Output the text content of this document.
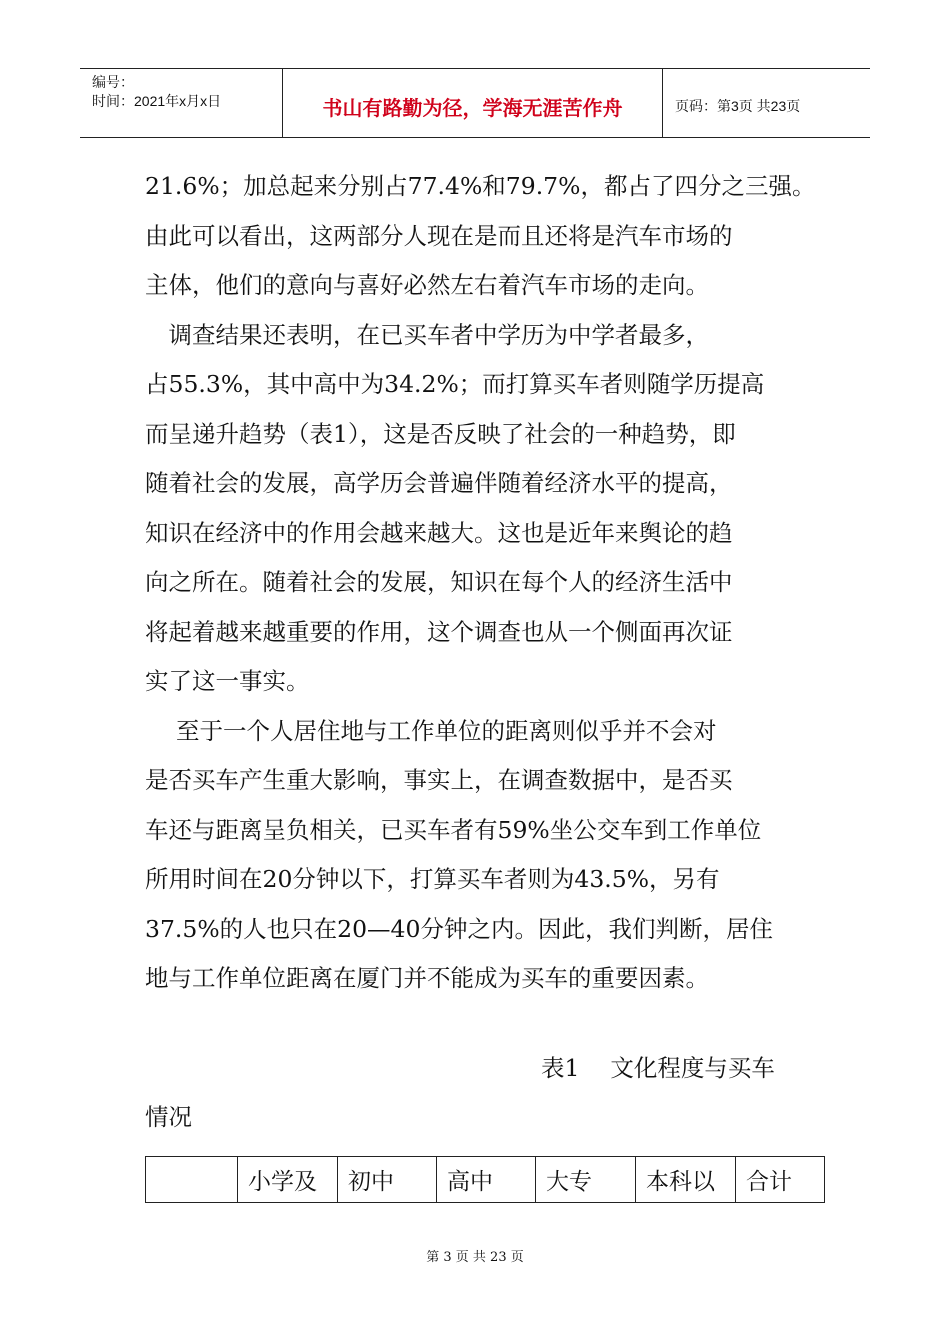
编号：
时间：2021年x月x日	书山有路勤为径，学海无涯苦作舟	页码：第3页 共23页
21.6%；加总起来分别占77.4%和79.7%，都占了四分之三强。
由此可以看出，这两部分人现在是而且还将是汽车市场的
主体，他们的意向与喜好必然左右着汽车市场的走向。
　调查结果还表明，在已买车者中学历为中学者最多，
占55.3%，其中高中为34.2%；而打算买车者则随学历提高
而呈递升趋势（表1），这是否反映了社会的一种趋势，即
随着社会的发展，高学历会普遍伴随着经济水平的提高，
知识在经济中的作用会越来越大。这也是近年来舆论的趋
向之所在。随着社会的发展，知识在每个人的经济生活中
将起着越来越重要的作用，这个调查也从一个侧面再次证
实了这一事实。
　 至于一个人居住地与工作单位的距离则似乎并不会对
是否买车产生重大影响，事实上，在调查数据中，是否买
车还与距离呈负相关，已买车者有59%坐公交车到工作单位
所用时间在20分钟以下，打算买车者则为43.5%，另有
37.5%的人也只在20—40分钟之内。因此，我们判断，居住
地与工作单位距离在厦门并不能成为买车的重要因素。
表1　 文化程度与买车
情况
	小学及	初中	高中	大专	本科以	合计
第 3 页 共 23 页
